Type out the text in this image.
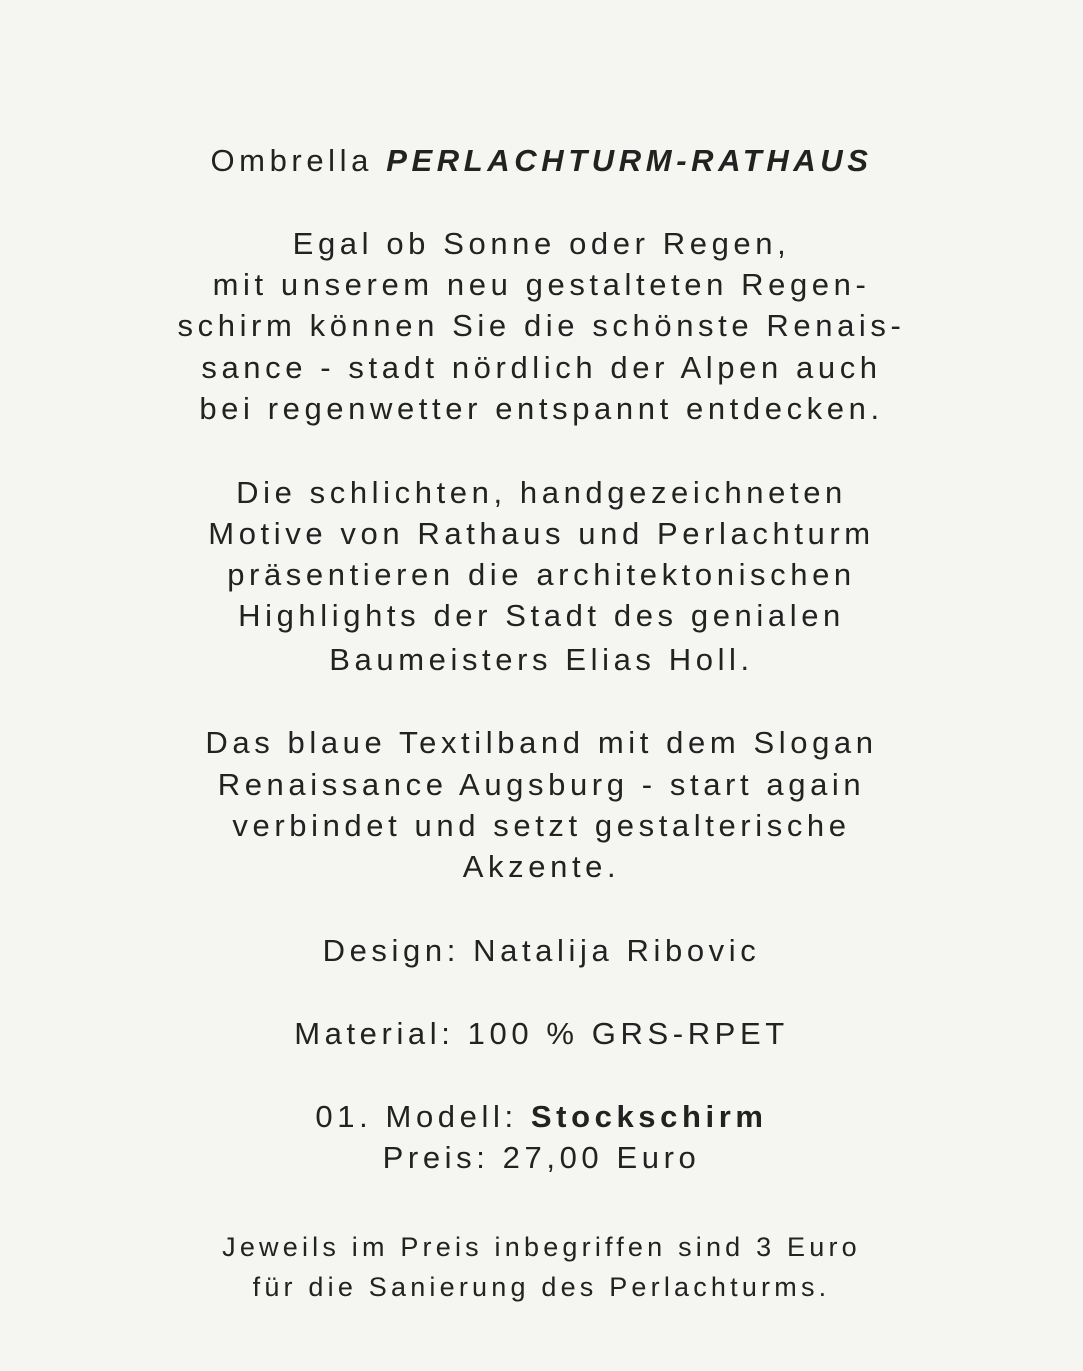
Ombrella PERLACHTURM-RATHAUS
Egal ob Sonne oder Regen,
mit unserem neu gestalteten Regen-
schirm können Sie die schönste Renais-
sance - stadt nördlich der Alpen auch
bei regenwetter entspannt entdecken.
Die schlichten, handgezeichneten
Motive von Rathaus und Perlachturm
präsentieren die architektonischen
Highlights der Stadt des genialen
Baumeisters Elias Holl.
Das blaue Textilband mit dem Slogan
Renaissance Augsburg - start again
verbindet und setzt gestalterische
Akzente.
Design: Natalija Ribovic
Material: 100 % GRS-RPET
01. Modell: Stockschirm
Preis: 27,00 Euro
Jeweils im Preis inbegriffen sind 3 Euro
für die Sanierung des Perlachturms.
